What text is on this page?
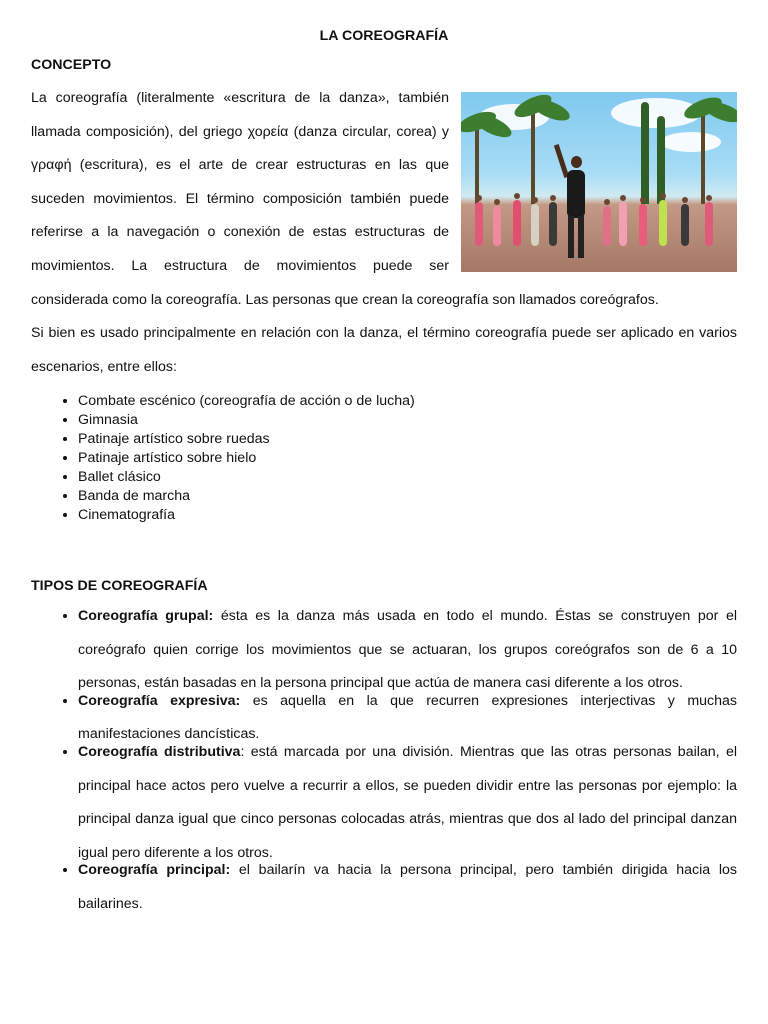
LA COREOGRAFÍA
CONCEPTO

La coreografía (literalmente «escritura de la danza», también llamada composición), del griego χορεία (danza circular, corea) y γραφή (escritura), es el arte de crear estructuras en las que suceden movimientos. El término composición también puede referirse a la navegación o conexión de estas estructuras de movimientos. La estructura de movimientos puede ser considerada como la coreografía. Las personas que crean la coreografía son llamados coreógrafos.

Si bien es usado principalmente en relación con la danza, el término coreografía puede ser aplicado en varios escenarios, entre ellos:

• Combate escénico (coreografía de acción o de lucha)
• Gimnasia
• Patinaje artístico sobre ruedas
• Patinaje artístico sobre hielo
• Ballet clásico
• Banda de marcha
• Cinematografía
TIPOS DE COREOGRAFÍA
• Coreografía grupal: ésta es la danza más usada en todo el mundo. Éstas se construyen por el coreógrafo quien corrige los movimientos que se actuaran, los grupos coreógrafos son de 6 a 10 personas, están basadas en la persona principal que actúa de manera casi diferente a los otros.
• Coreografía expresiva: es aquella en la que recurren expresiones interjectivas y muchas manifestaciones dancísticas.
• Coreografía distributiva: está marcada por una división. Mientras que las otras personas bailan, el principal hace actos pero vuelve a recurrir a ellos, se pueden dividir entre las personas por ejemplo: la principal danza igual que cinco personas colocadas atrás, mientras que dos al lado del principal danzan igual pero diferente a los otros.
• Coreografía principal: el bailarín va hacia la persona principal, pero también dirigida hacia los bailarines.
